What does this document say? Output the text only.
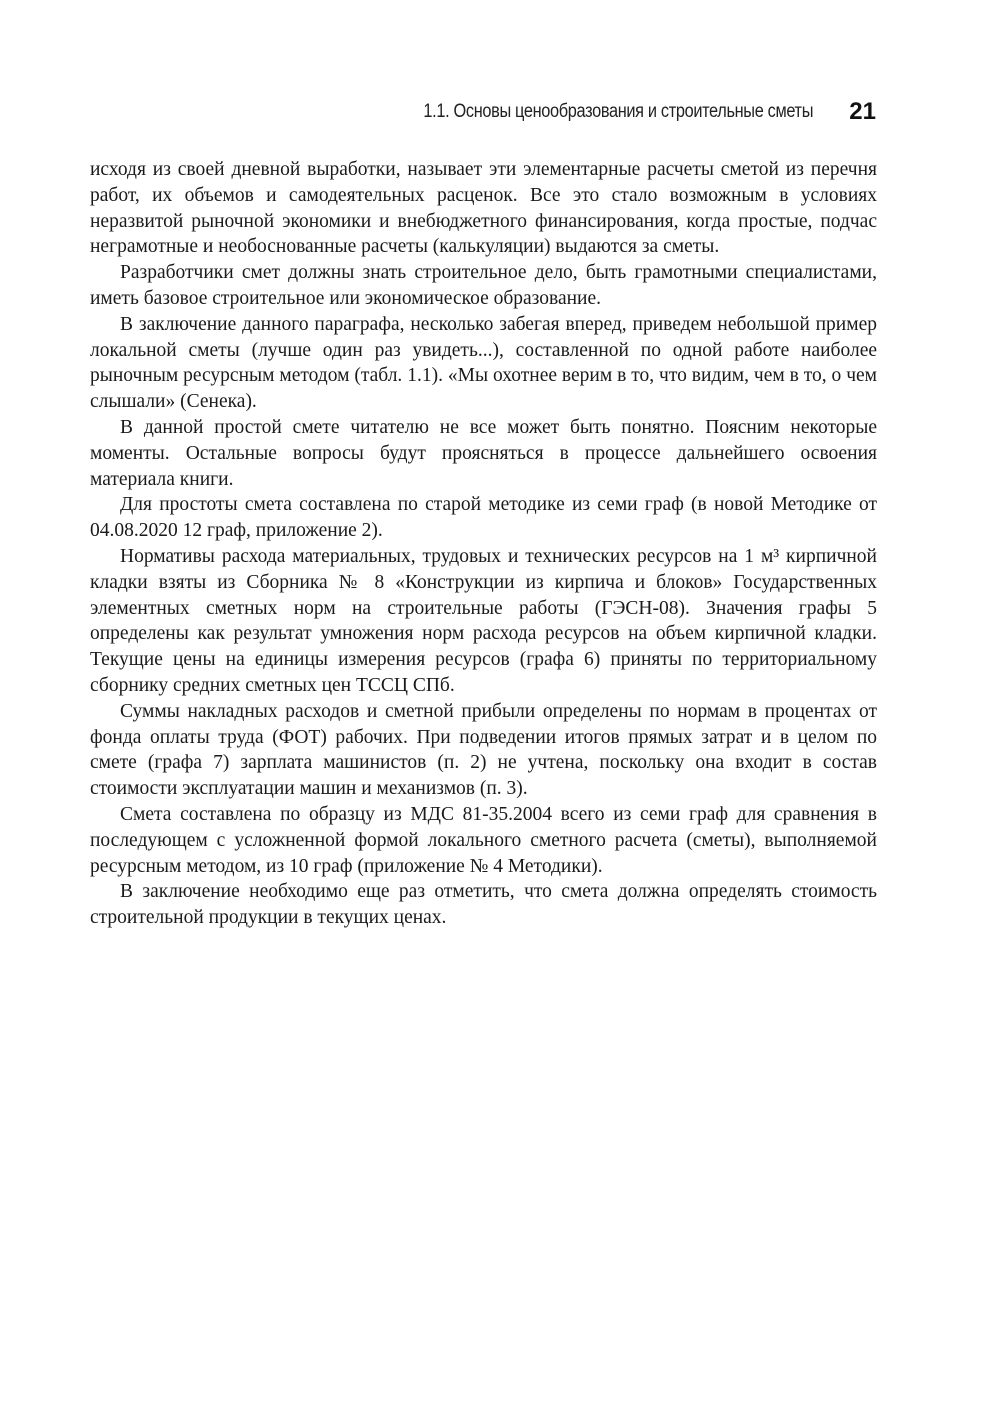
1.1. Основы ценообразования и строительные сметы 21

исходя из своей дневной выработки, называет эти элементарные расчеты сметой из перечня работ, их объемов и самодеятельных расценок. Все это стало возможным в условиях неразвитой рыночной экономики и внебюджетного финансирования, когда простые, подчас неграмотные и необоснованные расчеты (калькуляции) выдаются за сметы.

Разработчики смет должны знать строительное дело, быть грамотными специалистами, иметь базовое строительное или экономическое образование.

В заключение данного параграфа, несколько забегая вперед, приведем небольшой пример локальной сметы (лучше один раз увидеть...), составленной по одной работе наиболее рыночным ресурсным методом (табл. 1.1). «Мы охотнее верим в то, что видим, чем в то, о чем слышали» (Сенека).

В данной простой смете читателю не все может быть понятно. Поясним некоторые моменты. Остальные вопросы будут проясняться в процессе дальнейшего освоения материала книги.

Для простоты смета составлена по старой методике из семи граф (в новой Методике от 04.08.2020 12 граф, приложение 2).

Нормативы расхода материальных, трудовых и технических ресурсов на 1 м³ кирпичной кладки взяты из Сборника № 8 «Конструкции из кирпича и блоков» Государственных элементных сметных норм на строительные работы (ГЭСН-08). Значения графы 5 определены как результат умножения норм расхода ресурсов на объем кирпичной кладки. Текущие цены на единицы измерения ресурсов (графа 6) приняты по территориальному сборнику средних сметных цен ТССЦ СПб.

Суммы накладных расходов и сметной прибыли определены по нормам в процентах от фонда оплаты труда (ФОТ) рабочих. При подведении итогов прямых затрат и в целом по смете (графа 7) зарплата машинистов (п. 2) не учтена, поскольку она входит в состав стоимости эксплуатации машин и механизмов (п. 3).

Смета составлена по образцу из МДС 81-35.2004 всего из семи граф для сравнения в последующем с усложненной формой локального сметного расчета (сметы), выполняемой ресурсным методом, из 10 граф (приложение № 4 Методики).

В заключение необходимо еще раз отметить, что смета должна определять стоимость строительной продукции в текущих ценах.
